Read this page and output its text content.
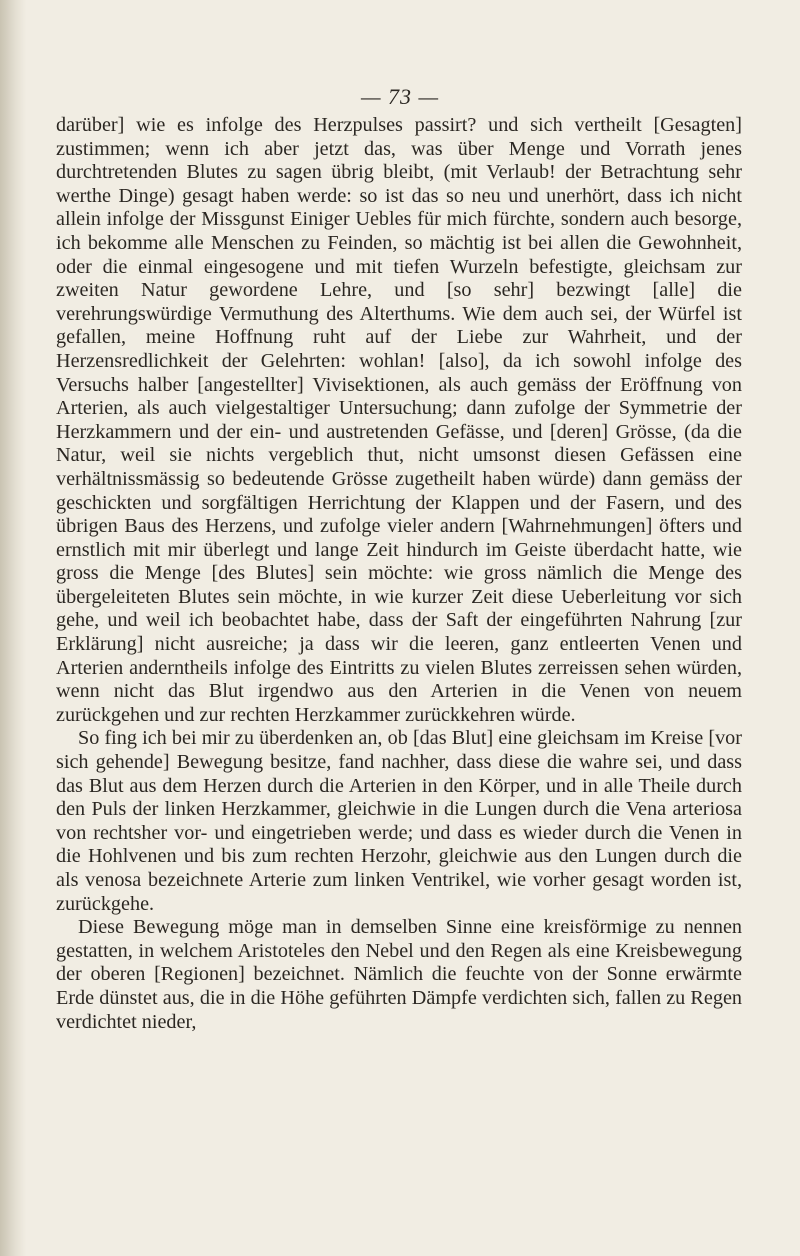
— 73 —

darüber] wie es infolge des Herzpulses passirt? und sich vertheilt [Gesagten] zustimmen; wenn ich aber jetzt das, was über Menge und Vorrath jenes durchtretenden Blutes zu sagen übrig bleibt, (mit Verlaub! der Betrachtung sehr werthe Dinge) gesagt haben werde: so ist das so neu und unerhört, dass ich nicht allein infolge der Missgunst Einiger Uebles für mich fürchte, sondern auch besorge, ich bekomme alle Menschen zu Feinden, so mächtig ist bei allen die Gewohnheit, oder die einmal eingesogene und mit tiefen Wurzeln befestigte, gleichsam zur zweiten Natur gewordene Lehre, und [so sehr] bezwingt [alle] die verehrungswürdige Vermuthung des Alterthums. Wie dem auch sei, der Würfel ist gefallen, meine Hoffnung ruht auf der Liebe zur Wahrheit, und der Herzensredlichkeit der Gelehrten: wohlan! [also], da ich sowohl infolge des Versuchs halber [angestellter] Vivisektionen, als auch gemäss der Eröffnung von Arterien, als auch vielgestaltiger Untersuchung; dann zufolge der Symmetrie der Herzkammern und der ein- und austretenden Gefässe, und [deren] Grösse, (da die Natur, weil sie nichts vergeblich thut, nicht umsonst diesen Gefässen eine verhältnissmässig so bedeutende Grösse zugetheilt haben würde) dann gemäss der geschickten und sorgfältigen Herrichtung der Klappen und der Fasern, und des übrigen Baus des Herzens, und zufolge vieler andern [Wahrnehmungen] öfters und ernstlich mit mir überlegt und lange Zeit hindurch im Geiste überdacht hatte, wie gross die Menge [des Blutes] sein möchte: wie gross nämlich die Menge des übergeleiteten Blutes sein möchte, in wie kurzer Zeit diese Ueberleitung vor sich gehe, und weil ich beobachtet habe, dass der Saft der eingeführten Nahrung [zur Erklärung] nicht ausreiche; ja dass wir die leeren, ganz entleerten Venen und Arterien anderntheils infolge des Eintritts zu vielen Blutes zerreissen sehen würden, wenn nicht das Blut irgendwo aus den Arterien in die Venen von neuem zurückgehen und zur rechten Herzkammer zurückkehren würde.

So fing ich bei mir zu überdenken an, ob [das Blut] eine gleichsam im Kreise [vor sich gehende] Bewegung besitze, fand nachher, dass diese die wahre sei, und dass das Blut aus dem Herzen durch die Arterien in den Körper, und in alle Theile durch den Puls der linken Herzkammer, gleichwie in die Lungen durch die Vena arteriosa von rechtsher vor- und eingetrieben werde; und dass es wieder durch die Venen in die Hohlvenen und bis zum rechten Herzohr, gleichwie aus den Lungen durch die als venosa bezeichnete Arterie zum linken Ventrikel, wie vorher gesagt worden ist, zurückgehe.

Diese Bewegung möge man in demselben Sinne eine kreisförmige zu nennen gestatten, in welchem Aristoteles den Nebel und den Regen als eine Kreisbewegung der oberen [Regionen] bezeichnet. Nämlich die feuchte von der Sonne erwärmte Erde dünstet aus, die in die Höhe geführten Dämpfe verdichten sich, fallen zu Regen verdichtet nieder,
